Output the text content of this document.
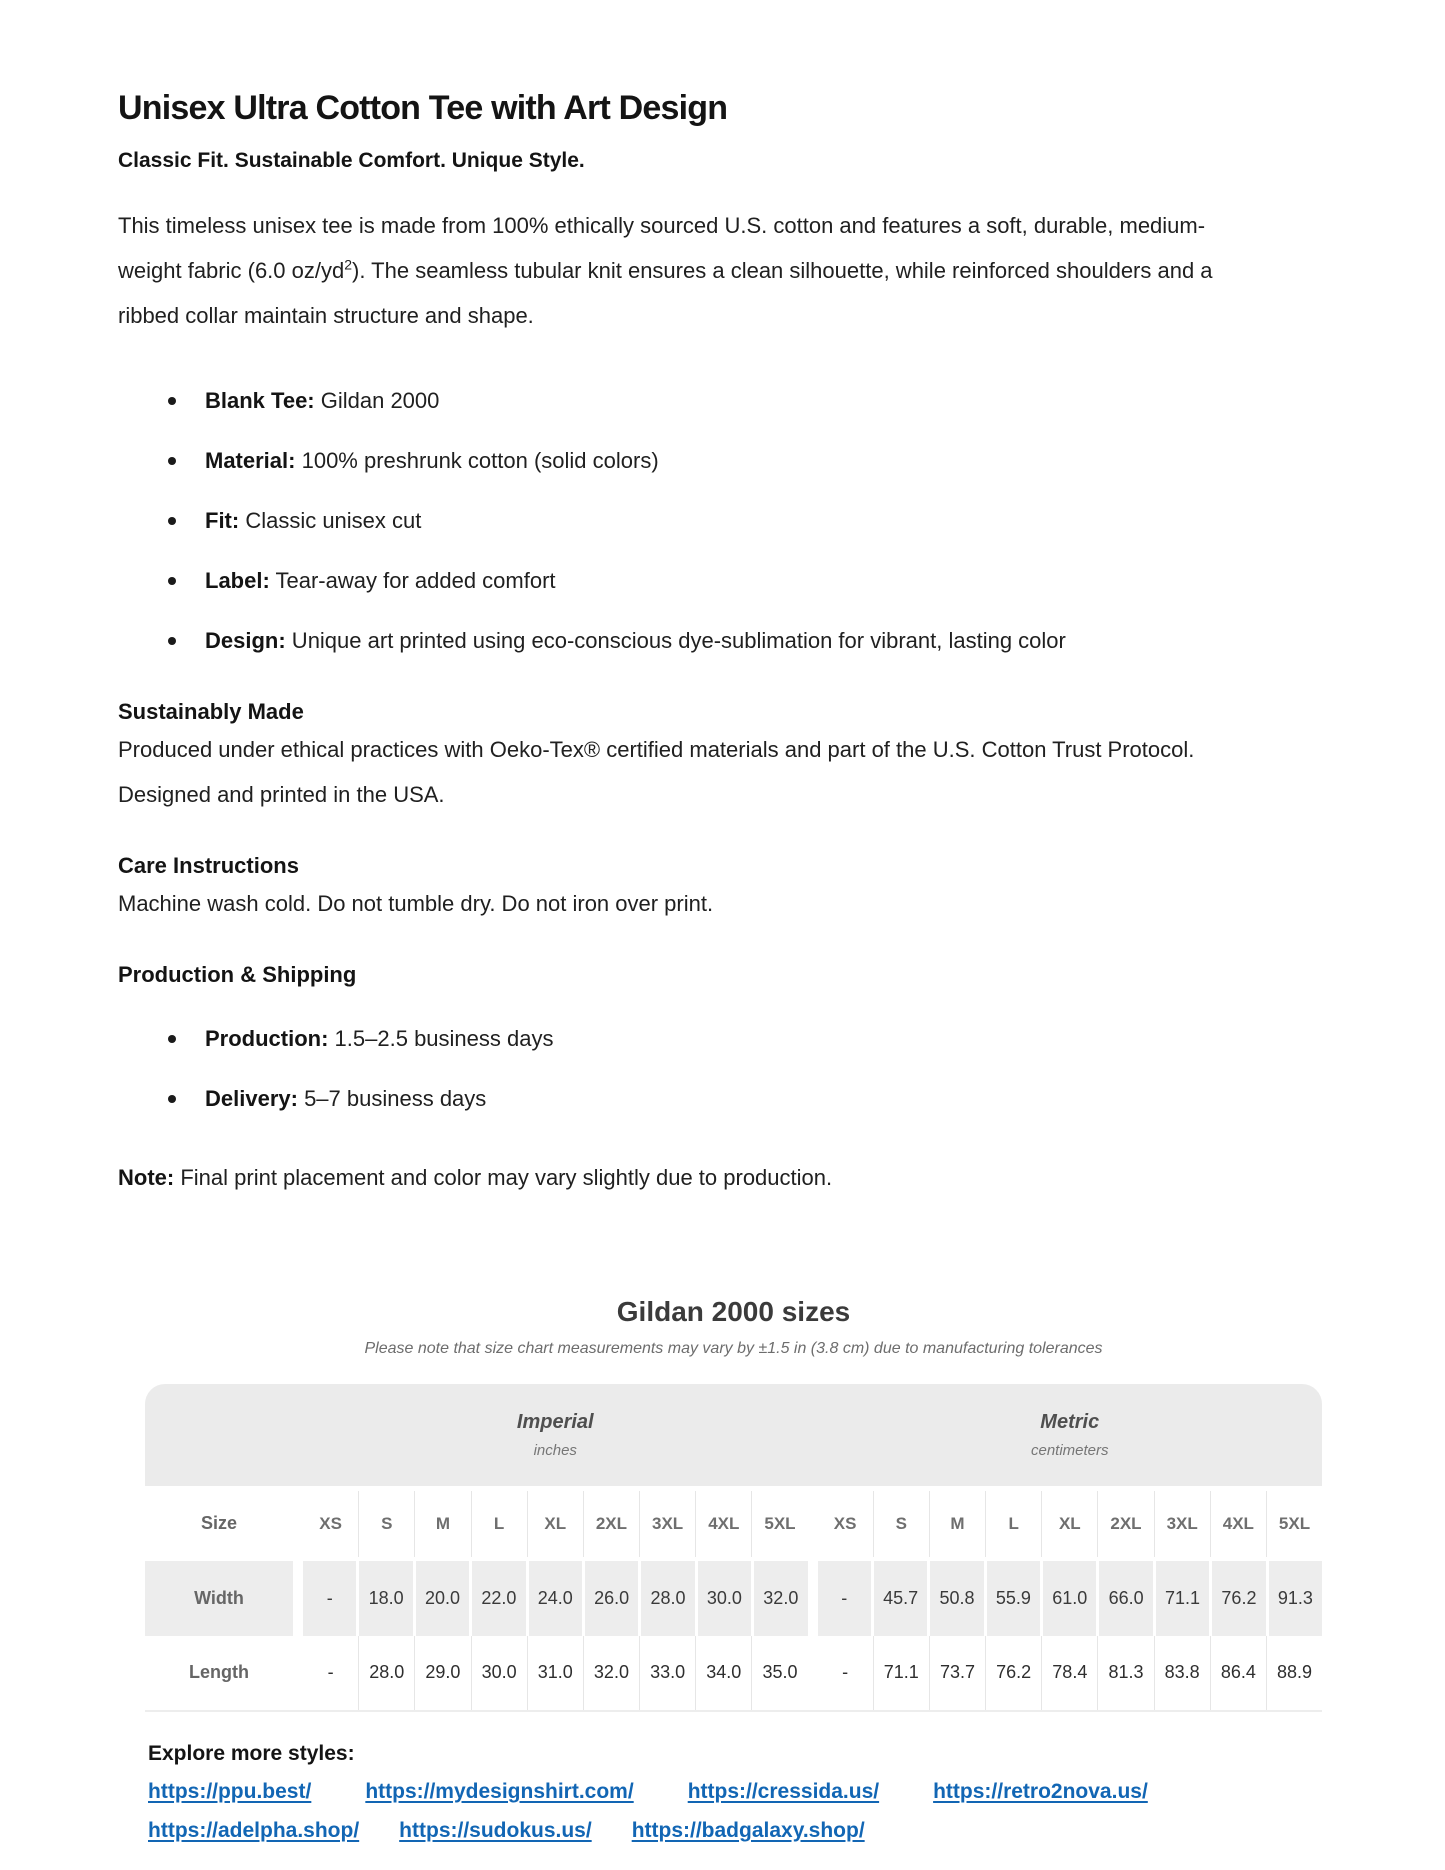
Unisex Ultra Cotton Tee with Art Design

Classic Fit. Sustainable Comfort. Unique Style.

This timeless unisex tee is made from 100% ethically sourced U.S. cotton and features a soft, durable, medium-weight fabric (6.0 $oz/yd^2$). The seamless tubular knit ensures a clean silhouette, while reinforced shoulders and a ribbed collar maintain structure and shape.

Blank Tee: Gildan 2000
Material: 100% preshrunk cotton (solid colors)
Fit: Classic unisex cut
Label: Tear-away for added comfort
Design: Unique art printed using eco-conscious dye-sublimation for vibrant, lasting color
Sustainably Made

Produced under ethical practices with Oeko-Tex® certified materials and part of the U.S. Cotton Trust Protocol. Designed and printed in the USA.

Care Instructions

Machine wash cold. Do not tumble dry. Do not iron over print.

Production & Shipping
Production: 1.5–2.5 business days
Delivery: 5–7 business days

Note: Final print placement and color may vary slightly due to production.

Gildan 2000 sizes
Please note that size chart measurements may vary by ±1.5 in (3.8 cm) due to manufacturing tolerances
Imperial
inches
Metric
centimeters
Size	XS	S	M	L	XL	2XL	3XL	4XL	5XL	XS	S	M	L	XL	2XL	3XL	4XL	5XL
Width	-	18.0	20.0	22.0	24.0	26.0	28.0	30.0	32.0	-	45.7	50.8	55.9	61.0	66.0	71.1	76.2	91.3
Length	-	28.0	29.0	30.0	31.0	32.0	33.0	34.0	35.0	-	71.1	73.7	76.2	78.4	81.3	83.8	86.4	88.9
Explore more styles:
https://ppu.best/	https://mydesignshirt.com/	https://cressida.us/	https://retro2nova.us/
https://adelpha.shop/ https://sudokus.us/ https://badgalaxy.shop/
